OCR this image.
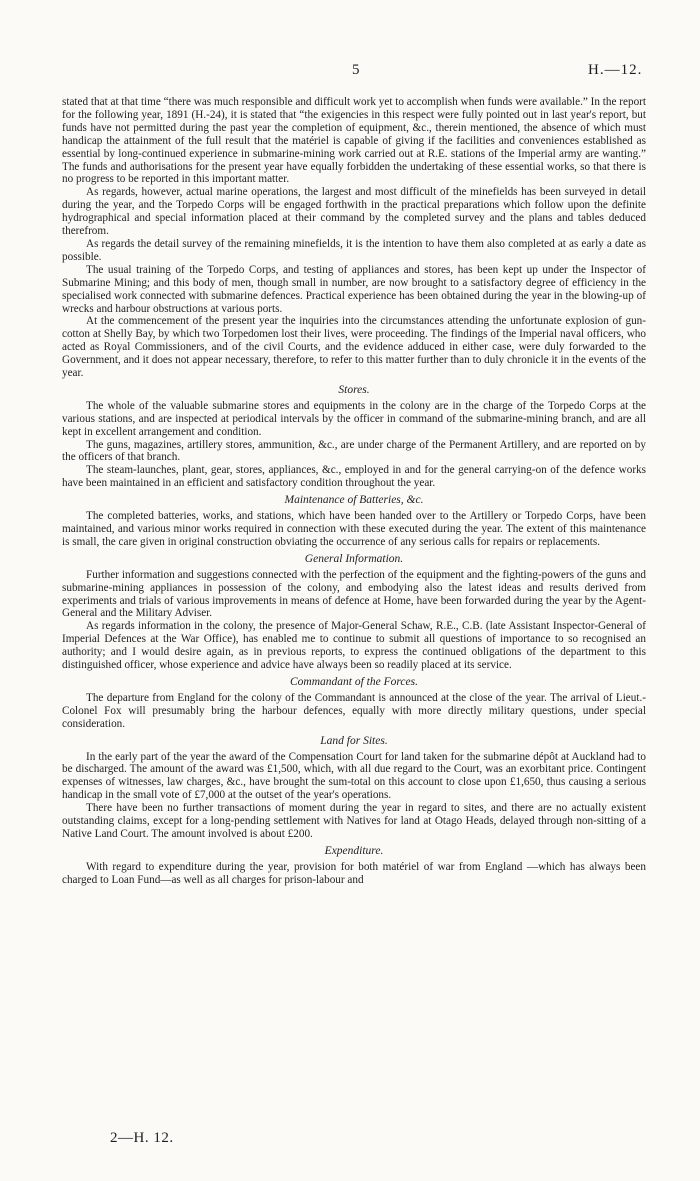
5	H.—12.

stated that at that time “there was much responsible and difficult work yet to accomplish when funds were available.” In the report for the following year, 1891 (H.-24), it is stated that “the exigencies in this respect were fully pointed out in last year's report, but funds have not permitted during the past year the completion of equipment, &c., therein mentioned, the absence of which must handicap the attainment of the full result that the matériel is capable of giving if the facilities and conveniences established as essential by long-continued experience in submarine-mining work carried out at R.E. stations of the Imperial army are wanting.” The funds and authorisations for the present year have equally forbidden the undertaking of these essential works, so that there is no progress to be reported in this important matter.

As regards, however, actual marine operations, the largest and most difficult of the minefields has been surveyed in detail during the year, and the Torpedo Corps will be engaged forthwith in the practical preparations which follow upon the definite hydrographical and special information placed at their command by the completed survey and the plans and tables deduced therefrom.

As regards the detail survey of the remaining minefields, it is the intention to have them also completed at as early a date as possible.

The usual training of the Torpedo Corps, and testing of appliances and stores, has been kept up under the Inspector of Submarine Mining; and this body of men, though small in number, are now brought to a satisfactory degree of efficiency in the specialised work connected with submarine defences. Practical experience has been obtained during the year in the blowing-up of wrecks and harbour obstructions at various ports.

At the commencement of the present year the inquiries into the circumstances attending the unfortunate explosion of gun-cotton at Shelly Bay, by which two Torpedomen lost their lives, were proceeding. The findings of the Imperial naval officers, who acted as Royal Commissioners, and of the civil Courts, and the evidence adduced in either case, were duly forwarded to the Government, and it does not appear necessary, therefore, to refer to this matter further than to duly chronicle it in the events of the year.

Stores.

The whole of the valuable submarine stores and equipments in the colony are in the charge of the Torpedo Corps at the various stations, and are inspected at periodical intervals by the officer in command of the submarine-mining branch, and are all kept in excellent arrangement and condition.

The guns, magazines, artillery stores, ammunition, &c., are under charge of the Permanent Artillery, and are reported on by the officers of that branch.

The steam-launches, plant, gear, stores, appliances, &c., employed in and for the general carrying-on of the defence works have been maintained in an efficient and satisfactory condition throughout the year.

Maintenance of Batteries, &c.

The completed batteries, works, and stations, which have been handed over to the Artillery or Torpedo Corps, have been maintained, and various minor works required in connection with these executed during the year. The extent of this maintenance is small, the care given in original construction obviating the occurrence of any serious calls for repairs or replacements.

General Information.

Further information and suggestions connected with the perfection of the equipment and the fighting-powers of the guns and submarine-mining appliances in possession of the colony, and embodying also the latest ideas and results derived from experiments and trials of various improvements in means of defence at Home, have been forwarded during the year by the Agent-General and the Military Adviser.

As regards information in the colony, the presence of Major-General Schaw, R.E., C.B. (late Assistant Inspector-General of Imperial Defences at the War Office), has enabled me to continue to submit all questions of importance to so recognised an authority; and I would desire again, as in previous reports, to express the continued obligations of the department to this distinguished officer, whose experience and advice have always been so readily placed at its service.

Commandant of the Forces.

The departure from England for the colony of the Commandant is announced at the close of the year. The arrival of Lieut.-Colonel Fox will presumably bring the harbour defences, equally with more directly military questions, under special consideration.

Land for Sites.

In the early part of the year the award of the Compensation Court for land taken for the submarine dépôt at Auckland had to be discharged. The amount of the award was £1,500, which, with all due regard to the Court, was an exorbitant price. Contingent expenses of witnesses, law charges, &c., have brought the sum-total on this account to close upon £1,650, thus causing a serious handicap in the small vote of £7,000 at the outset of the year's operations.

There have been no further transactions of moment during the year in regard to sites, and there are no actually existent outstanding claims, except for a long-pending settlement with Natives for land at Otago Heads, delayed through non-sitting of a Native Land Court. The amount involved is about £200.

Expenditure.

With regard to expenditure during the year, provision for both matériel of war from England —which has always been charged to Loan Fund—as well as all charges for prison-labour and

2—H. 12.
